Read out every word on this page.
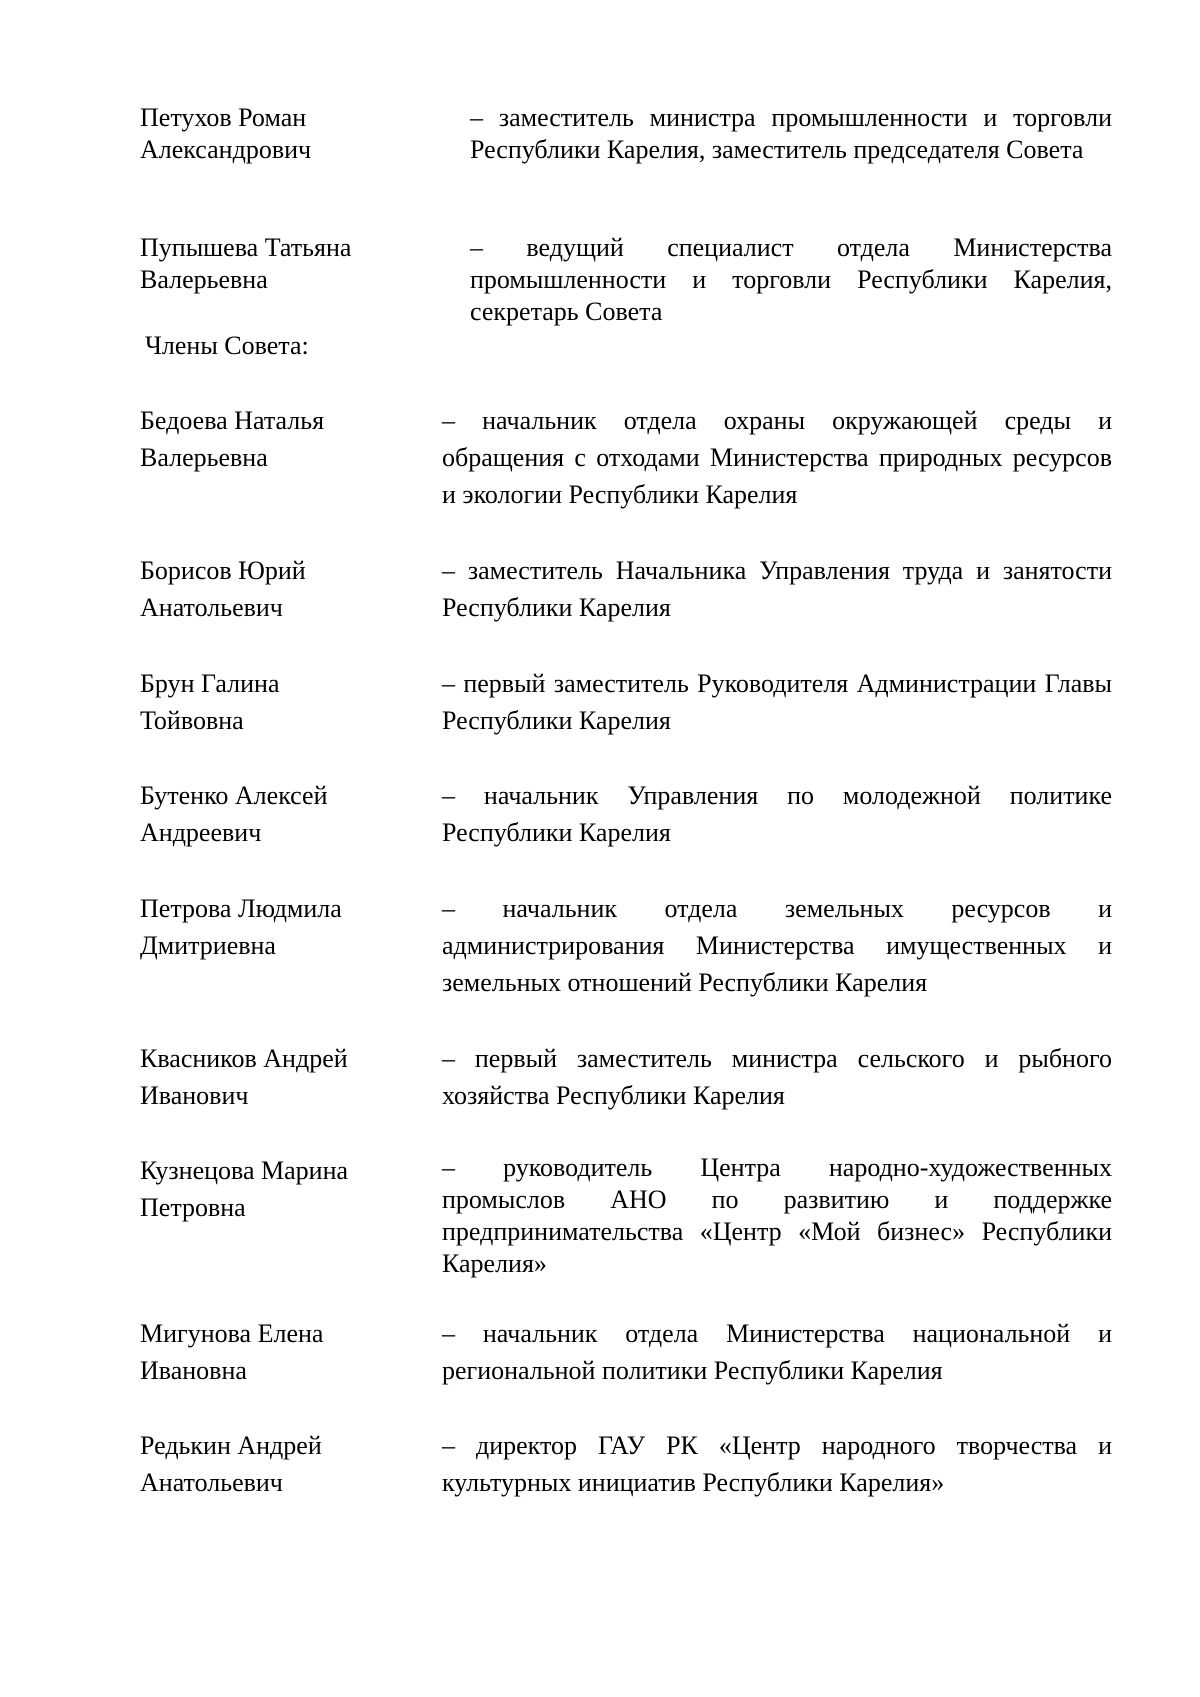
Петухов Роман
Александрович
– заместитель министра промышленности и торговли Республики Карелия, заместитель председателя Совета
Пупышева Татьяна
Валерьевна
– ведущий специалист отдела Министерства промышленности и торговли Республики Карелия, секретарь Совета
Члены Совета:
Бедоева Наталья
Валерьевна
– начальник отдела охраны окружающей среды и обращения с отходами Министерства природных ресурсов и экологии Республики Карелия
Борисов Юрий
Анатольевич
– заместитель Начальника Управления труда и занятости Республики Карелия
Брун Галина
Тойвовна
– первый заместитель Руководителя Администрации Главы Республики Карелия
Бутенко Алексей
Андреевич
– начальник Управления по молодежной политике Республики Карелия
Петрова Людмила
Дмитриевна
– начальник отдела земельных ресурсов и администрирования Министерства имущественных и земельных отношений Республики Карелия
Квасников Андрей
Иванович
– первый заместитель министра сельского и рыбного хозяйства Республики Карелия
Кузнецова Марина
Петровна
– руководитель Центра народно-художественных промыслов АНО по развитию и поддержке предпринимательства «Центр «Мой бизнес» Республики Карелия»
Мигунова Елена
Ивановна
– начальник отдела Министерства национальной и региональной политики Республики Карелия
Редькин Андрей
Анатольевич
– директор ГАУ РК «Центр народного творчества и культурных инициатив Республики Карелия»
